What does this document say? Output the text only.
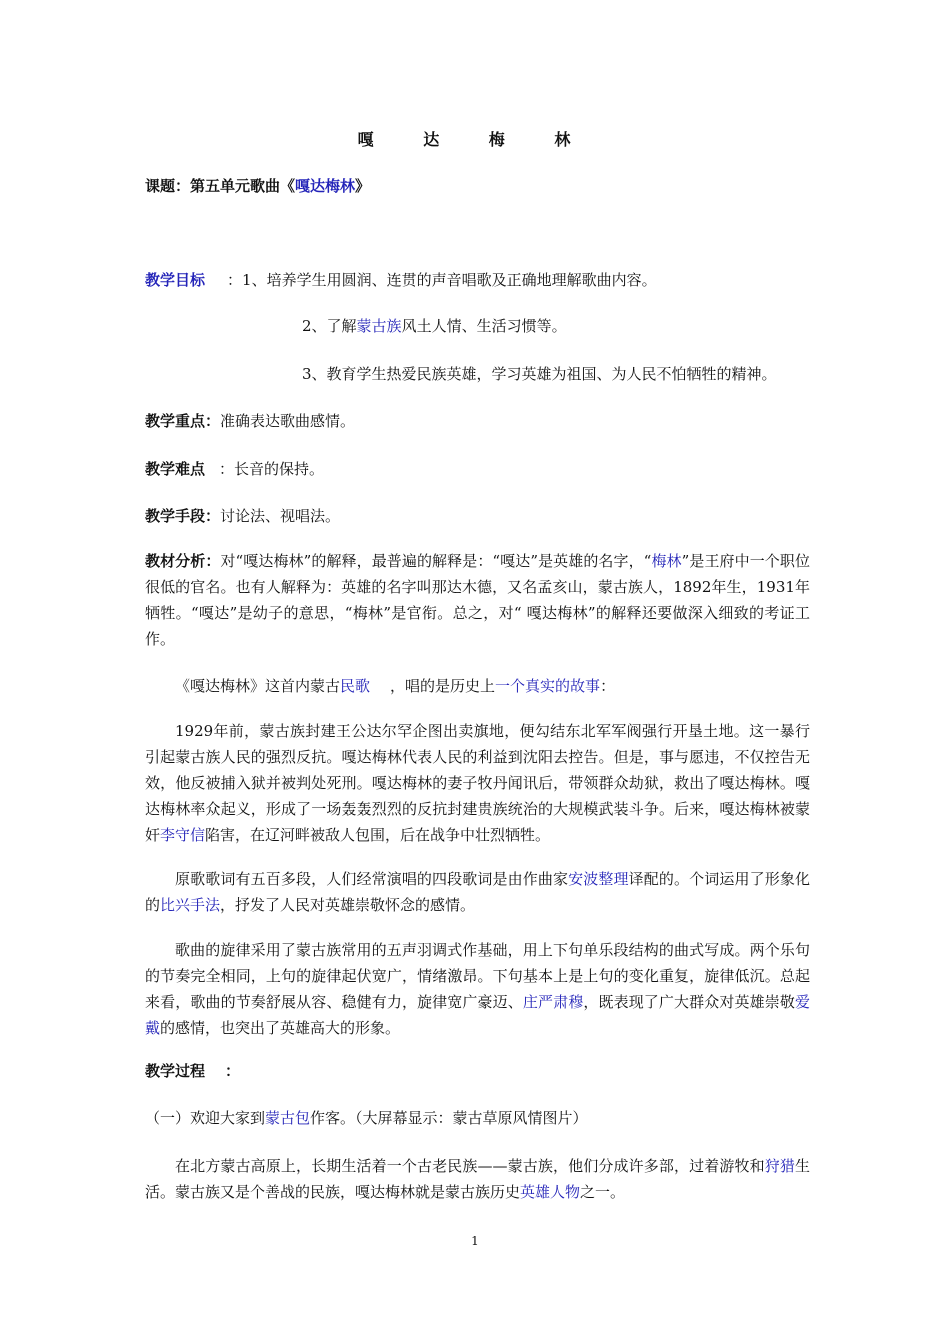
嘎 达 梅 林
课题：第五单元歌曲《嘎达梅林》
教学目标 ：1、培养学生用圆润、连贯的声音唱歌及正确地理解歌曲内容。
2、了解蒙古族风土人情、生活习惯等。
3、教育学生热爱民族英雄，学习英雄为祖国、为人民不怕牺牲的精神。
教学重点：准确表达歌曲感情。
教学难点 ：长音的保持。
教学手段：讨论法、视唱法。
教材分析：对“嘎达梅林”的解释，最普遍的解释是：“嘎达”是英雄的名字，“梅林”是王府中一个职位很低的官名。也有人解释为：英雄的名字叫那达木德，又名孟亥山，蒙古族人，1892年生，1931年牺牲。“嘎达”是幼子的意思，“梅林”是官衔。总之，对“ 嘎达梅林”的解释还要做深入细致的考证工作。
《嘎达梅林》这首内蒙古民歌 ，唱的是历史上一个真实的故事：
1929年前，蒙古族封建王公达尔罕企图出卖旗地，便勾结东北军军阀强行开垦土地。这一暴行引起蒙古族人民的强烈反抗。嘎达梅林代表人民的利益到沈阳去控告。但是，事与愿违，不仅控告无效，他反被捕入狱并被判处死刑。嘎达梅林的妻子牧丹闻讯后，带领群众劫狱，救出了嘎达梅林。嘎达梅林率众起义，形成了一场轰轰烈烈的反抗封建贵族统治的大规模武装斗争。后来，嘎达梅林被蒙奸李守信陷害，在辽河畔被敌人包围，后在战争中壮烈牺牲。
原歌歌词有五百多段，人们经常演唱的四段歌词是由作曲家安波整理译配的。个词运用了形象化的比兴手法，抒发了人民对英雄崇敬怀念的感情。
歌曲的旋律采用了蒙古族常用的五声羽调式作基础，用上下句单乐段结构的曲式写成。两个乐句的节奏完全相同，上句的旋律起伏宽广，情绪激昂。下句基本上是上句的变化重复，旋律低沉。总起来看，歌曲的节奏舒展从容、稳健有力，旋律宽广豪迈、庄严肃穆，既表现了广大群众对英雄崇敬爱戴的感情，也突出了英雄高大的形象。
教学过程 ：
（一）欢迎大家到蒙古包作客。（大屏幕显示：蒙古草原风情图片）
在北方蒙古高原上，长期生活着一个古老民族——蒙古族，他们分成许多部，过着游牧和狩猎生活。蒙古族又是个善战的民族，嘎达梅林就是蒙古族历史英雄人物之一。
1
